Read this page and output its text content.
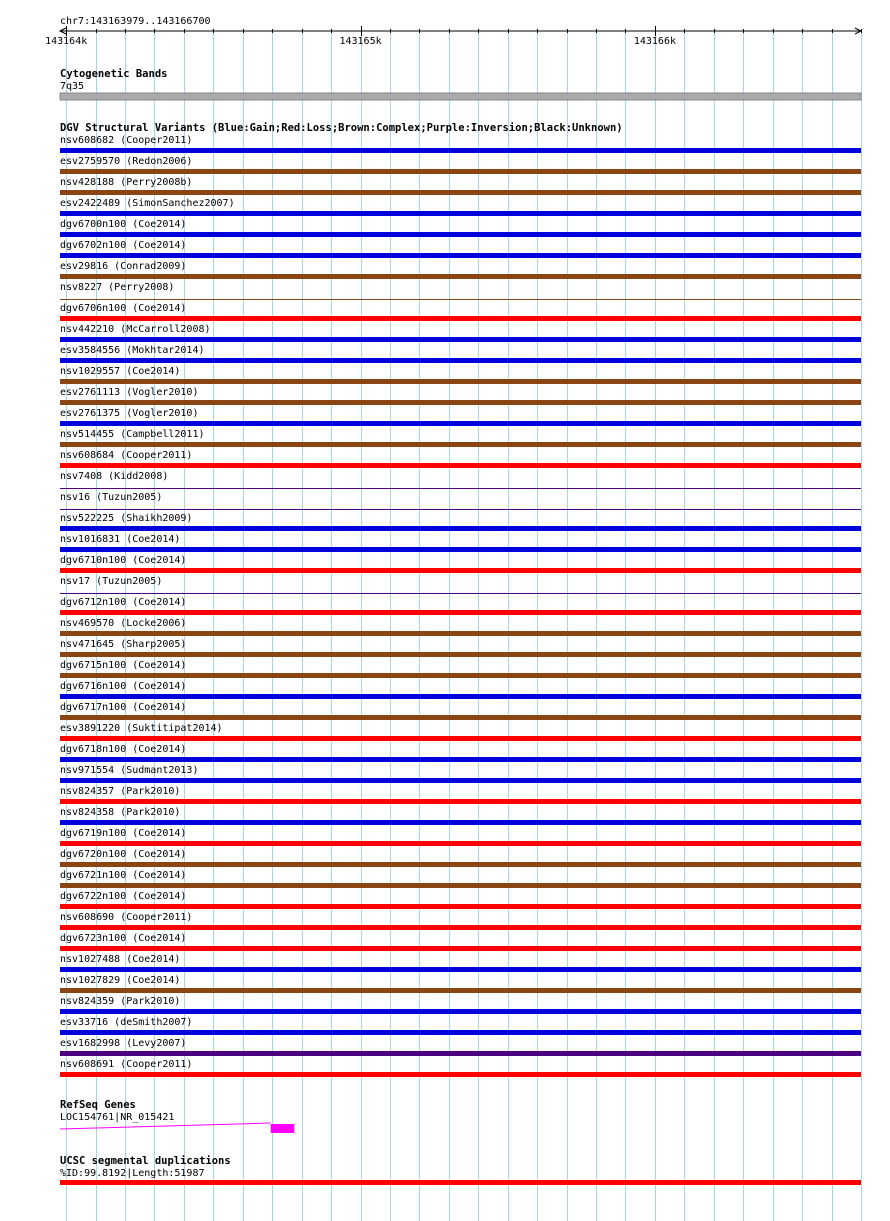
chr7:143163979..143166700
143164k	143165k	143166k
Cytogenetic Bands
7q35
DGV Structural Variants (Blue:Gain;Red:Loss;Brown:Complex;Purple:Inversion;Black:Unknown)
nsv608682 (Cooper2011)
esv2759570 (Redon2006)
nsv428188 (Perry2008b)
esv2422489 (SimonSanchez2007)
dgv6700n100 (Coe2014)
dgv6702n100 (Coe2014)
esv29816 (Conrad2009)
nsv8227 (Perry2008)
dgv6706n100 (Coe2014)
nsv442210 (McCarroll2008)
esv3584556 (Mokhtar2014)
nsv1029557 (Coe2014)
esv2761113 (Vogler2010)
esv2761375 (Vogler2010)
nsv514455 (Campbell2011)
nsv608684 (Cooper2011)
nsv7408 (Kidd2008)
nsv16 (Tuzun2005)
nsv522225 (Shaikh2009)
nsv1016831 (Coe2014)
dgv6710n100 (Coe2014)
nsv17 (Tuzun2005)
dgv6712n100 (Coe2014)
nsv469570 (Locke2006)
nsv471645 (Sharp2005)
dgv6715n100 (Coe2014)
dgv6716n100 (Coe2014)
dgv6717n100 (Coe2014)
esv3891220 (Suktitipat2014)
dgv6718n100 (Coe2014)
nsv971554 (Sudmant2013)
nsv824357 (Park2010)
nsv824358 (Park2010)
dgv6719n100 (Coe2014)
dgv6720n100 (Coe2014)
dgv6721n100 (Coe2014)
dgv6722n100 (Coe2014)
nsv608690 (Cooper2011)
dgv6723n100 (Coe2014)
nsv1027488 (Coe2014)
nsv1027829 (Coe2014)
nsv824359 (Park2010)
esv33716 (deSmith2007)
esv1682998 (Levy2007)
nsv608691 (Cooper2011)
RefSeq Genes
LOC154761|NR_015421
UCSC segmental duplications
%ID:99.8192|Length:51987
